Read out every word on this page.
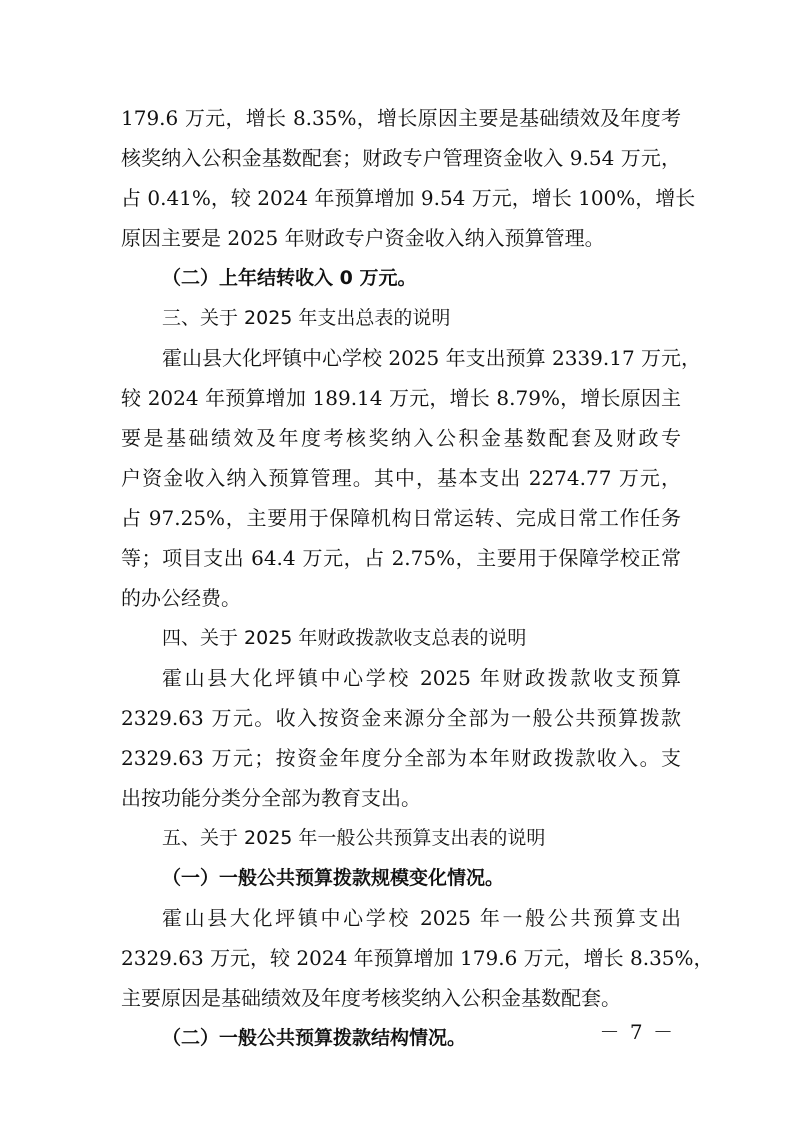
179.6 万元，增长 8.35%，增长原因主要是基础绩效及年度考
核奖纳入公积金基数配套；财政专户管理资金收入 9.54 万元，
占 0.41%，较 2024 年预算增加 9.54 万元，增长 100%，增长
原因主要是 2025 年财政专户资金收入纳入预算管理。
（二）上年结转收入 0 万元。
三、关于 2025 年支出总表的说明
霍山县大化坪镇中心学校 2025 年支出预算 2339.17 万元，
较 2024 年预算增加 189.14 万元，增长 8.79%，增长原因主
要是基础绩效及年度考核奖纳入公积金基数配套及财政专
户资金收入纳入预算管理。其中，基本支出 2274.77 万元，
占 97.25%，主要用于保障机构日常运转、完成日常工作任务
等；项目支出 64.4 万元，占 2.75%，主要用于保障学校正常
的办公经费。
四、关于 2025 年财政拨款收支总表的说明
霍山县大化坪镇中心学校 2025 年财政拨款收支预算
2329.63 万元。收入按资金来源分全部为一般公共预算拨款
2329.63 万元；按资金年度分全部为本年财政拨款收入。支
出按功能分类分全部为教育支出。
五、关于 2025 年一般公共预算支出表的说明
（一）一般公共预算拨款规模变化情况。
霍山县大化坪镇中心学校 2025 年一般公共预算支出
2329.63 万元，较 2024 年预算增加 179.6 万元，增长 8.35%，
主要原因是基础绩效及年度考核奖纳入公积金基数配套。
（二）一般公共预算拨款结构情况。	－ 7 －
